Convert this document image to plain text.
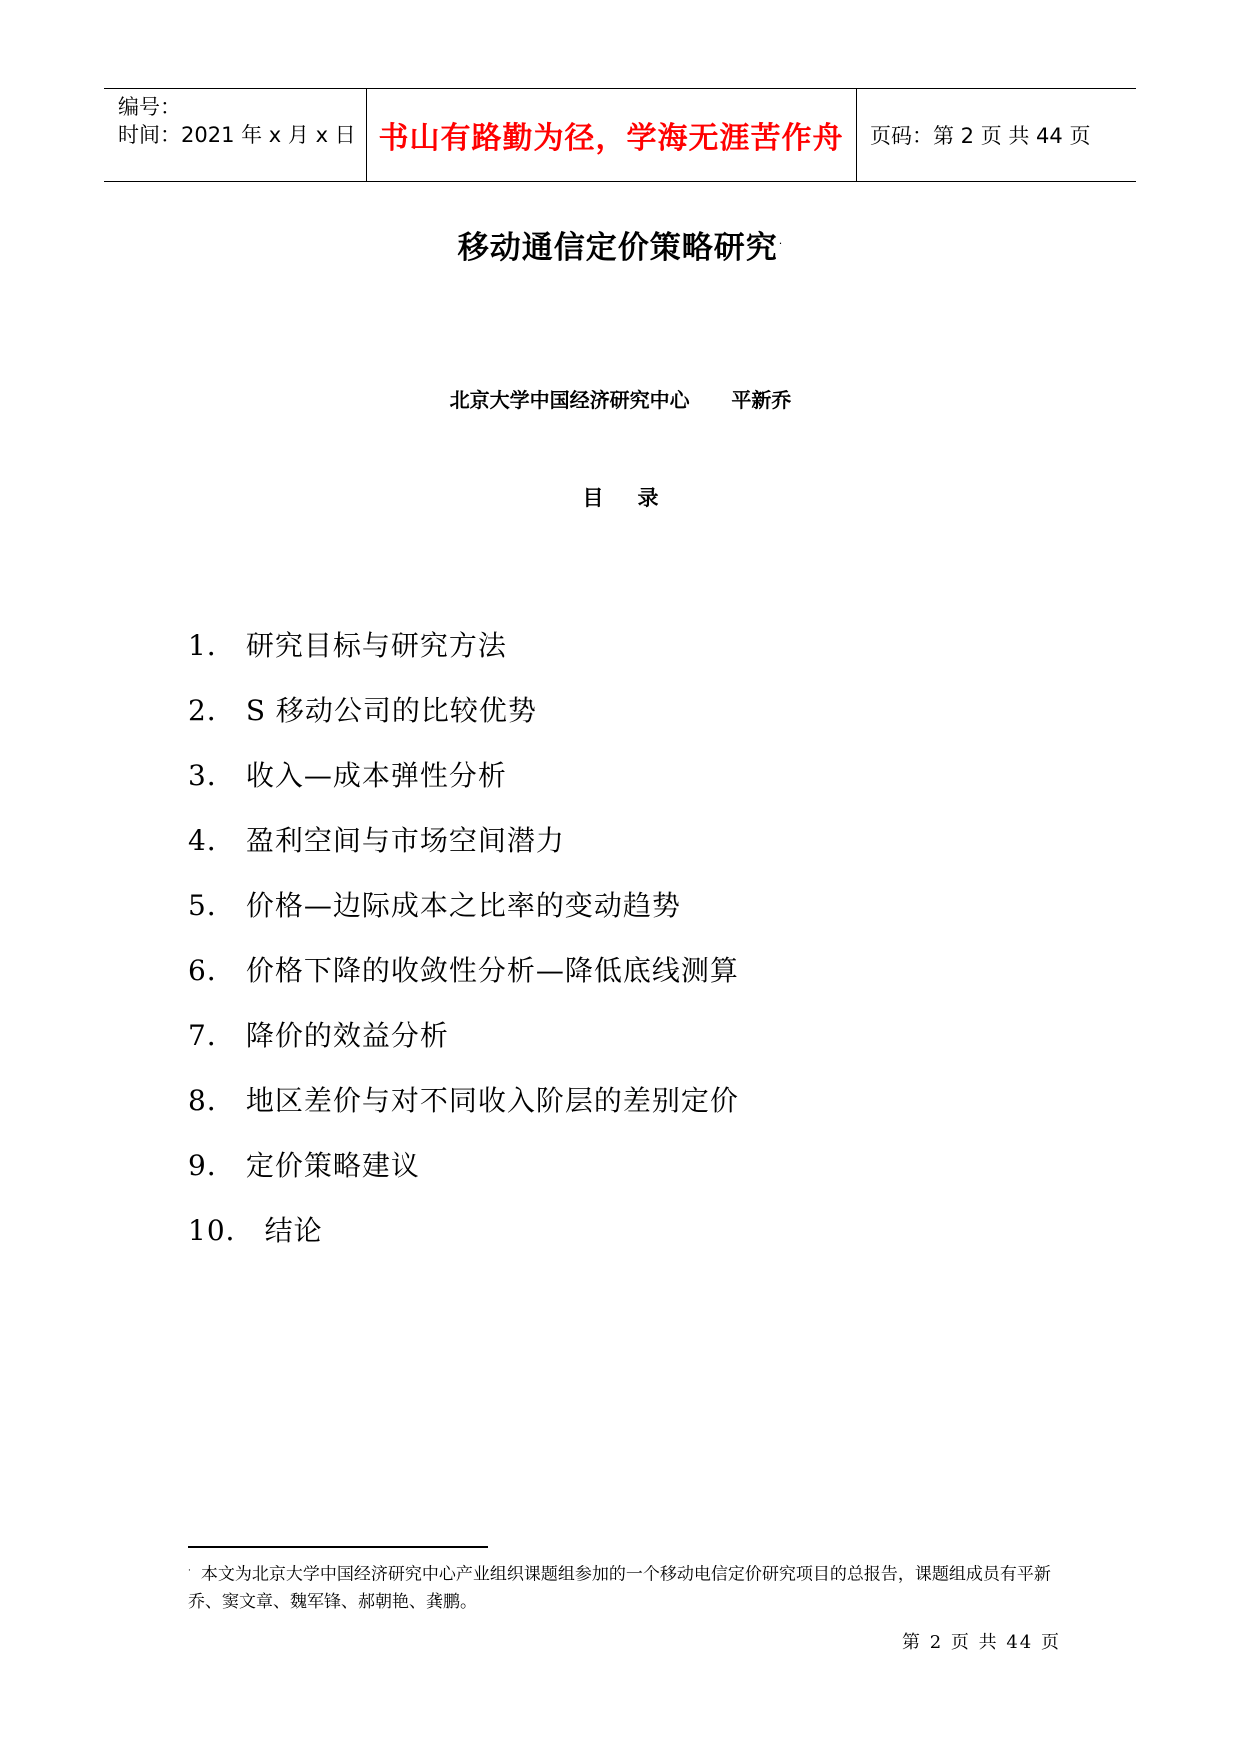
编号：
时间：2021 年 x 月 x 日 书山有路勤为径，学海无涯苦作舟	页码：第 2 页 共 44 页
移动通信定价策略研究·
北京大学中国经济研究中心      平新乔
目录
1． 研究目标与研究方法
2． S 移动公司的比较优势
3． 收入—成本弹性分析
4． 盈利空间与市场空间潜力
5． 价格—边际成本之比率的变动趋势
6． 价格下降的收敛性分析—降低底线测算
7． 降价的效益分析
8． 地区差价与对不同收入阶层的差别定价
9． 定价策略建议
10． 结论
· 本文为北京大学中国经济研究中心产业组织课题组参加的一个移动电信定价研究项目的总报告，课题组成员有平新乔、窦文章、魏军锋、郝朝艳、龚鹏。
第 2 页 共 44 页
